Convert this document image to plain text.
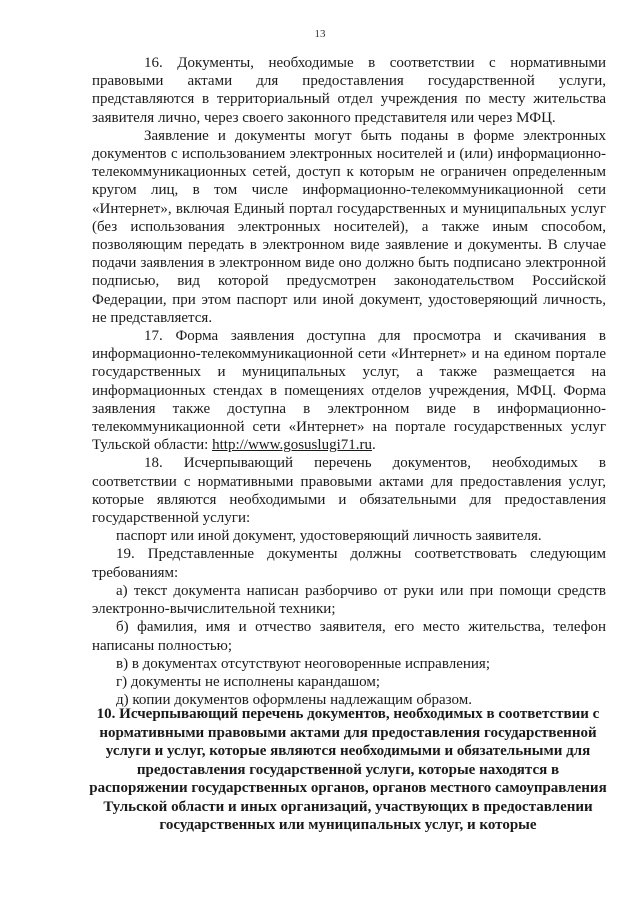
13

16. Документы, необходимые в соответствии с нормативными правовыми актами для предоставления государственной услуги, представляются в территориальный отдел учреждения по месту жительства заявителя лично, через своего законного представителя или через МФЦ.

Заявление и документы могут быть поданы в форме электронных документов с использованием электронных носителей и (или) информационно-телекоммуникационных сетей, доступ к которым не ограничен определенным кругом лиц, в том числе информационно-телекоммуникационной сети «Интернет», включая Единый портал государственных и муниципальных услуг (без использования электронных носителей), а также иным способом, позволяющим передать в электронном виде заявление и документы. В случае подачи заявления в электронном виде оно должно быть подписано электронной подписью, вид которой предусмотрен законодательством Российской Федерации, при этом паспорт или иной документ, удостоверяющий личность, не представляется.

17. Форма заявления доступна для просмотра и скачивания в информационно-телекоммуникационной сети «Интернет» и на едином портале государственных и муниципальных услуг, а также размещается на информационных стендах в помещениях отделов учреждения, МФЦ. Форма заявления также доступна в электронном виде в информационно-телекоммуникационной сети «Интернет» на портале государственных услуг Тульской области: http://www.gosuslugi71.ru.

18. Исчерпывающий перечень документов, необходимых в соответствии с нормативными правовыми актами для предоставления услуг, которые являются необходимыми и обязательными для предоставления государственной услуги:

паспорт или иной документ, удостоверяющий личность заявителя.

19. Представленные документы должны соответствовать следующим требованиям:

а) текст документа написан разборчиво от руки или при помощи средств электронно-вычислительной техники;

б) фамилия, имя и отчество заявителя, его место жительства, телефон написаны полностью;

в) в документах отсутствуют неоговоренные исправления;

г) документы не исполнены карандашом;

д) копии документов оформлены надлежащим образом.

10. Исчерпывающий перечень документов, необходимых в соответствии с нормативными правовыми актами для предоставления государственной услуги и услуг, которые являются необходимыми и обязательными для предоставления государственной услуги, которые находятся в распоряжении государственных органов, органов местного самоуправления Тульской области и иных организаций, участвующих в предоставлении государственных или муниципальных услуг, и которые
